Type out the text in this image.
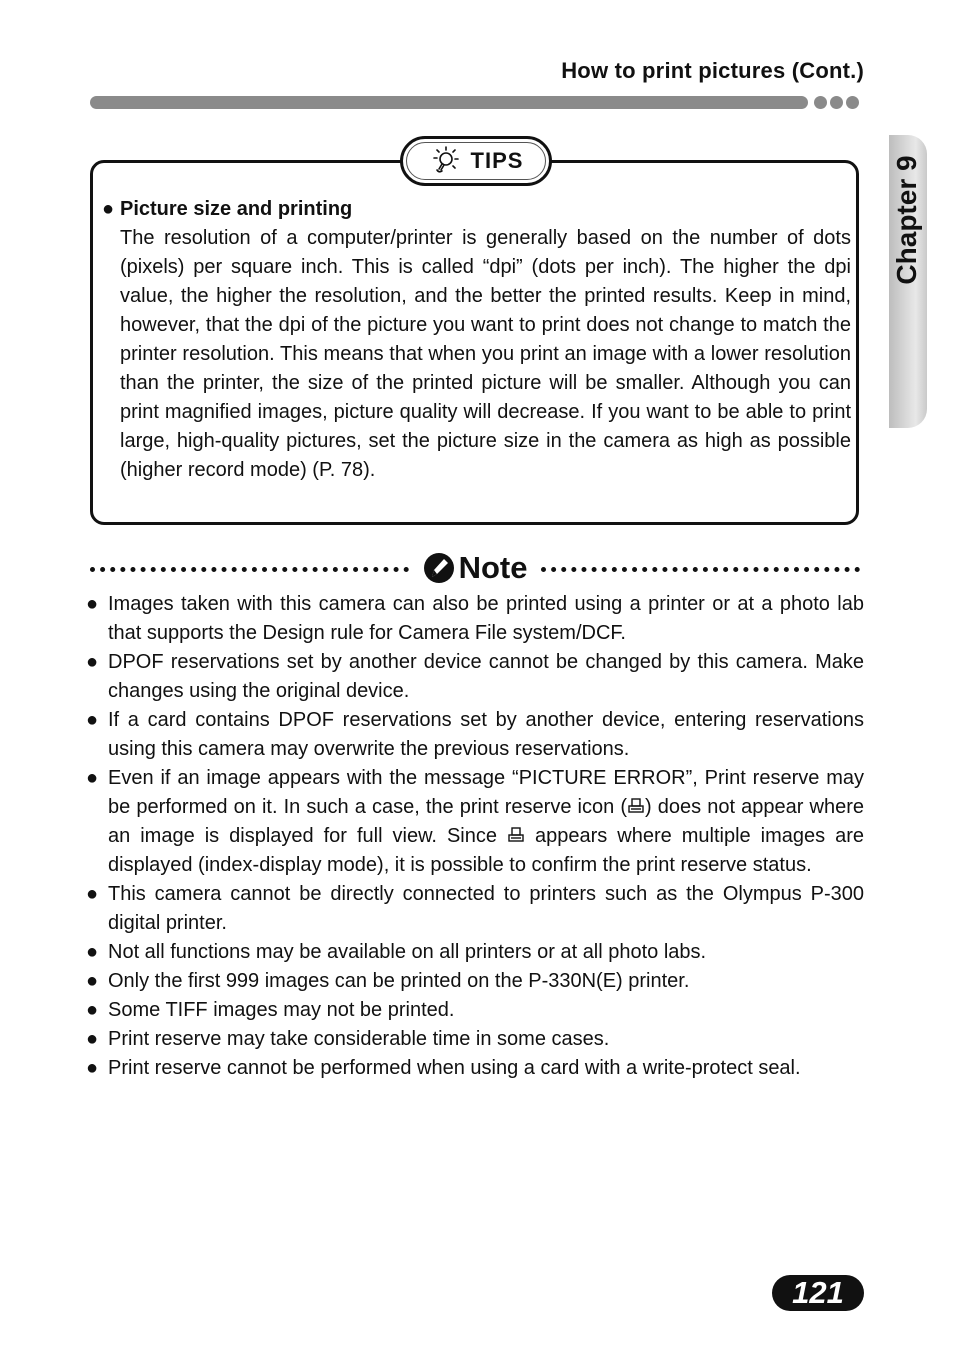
How to print pictures (Cont.)
Chapter 9
TIPS
● Picture size and printing

The resolution of a computer/printer is generally based on the number of dots (pixels) per square inch. This is called “dpi” (dots per inch). The higher the dpi value, the higher the resolution, and the better the printed results. Keep in mind, however, that the dpi of the picture you want to print does not change to match the printer resolution. This means that when you print an image with a lower resolution than the printer, the size of the printed picture will be smaller. Although you can print magnified images, picture quality will decrease. If you want to be able to print large, high-quality pictures, set the picture size in the camera as high as possible (higher record mode) (P. 78).

Note
● Images taken with this camera can also be printed using a printer or at a photo lab that supports the Design rule for Camera File system/DCF.
● DPOF reservations set by another device cannot be changed by this camera. Make changes using the original device.
● If a card contains DPOF reservations set by another device, entering reservations using this camera may overwrite the previous reservations.
● Even if an image appears with the message “PICTURE ERROR”, Print reserve may be performed on it. In such a case, the print reserve icon ( ) does not appear where an image is displayed for full view. Since appears where multiple images are displayed (index-display mode), it is possible to confirm the print reserve status.
● This camera cannot be directly connected to printers such as the Olympus P-300 digital printer.
● Not all functions may be available on all printers or at all photo labs.
● Only the first 999 images can be printed on the P-330N(E) printer.
● Some TIFF images may not be printed.
● Print reserve may take considerable time in some cases.
● Print reserve cannot be performed when using a card with a write-protect seal.
121
